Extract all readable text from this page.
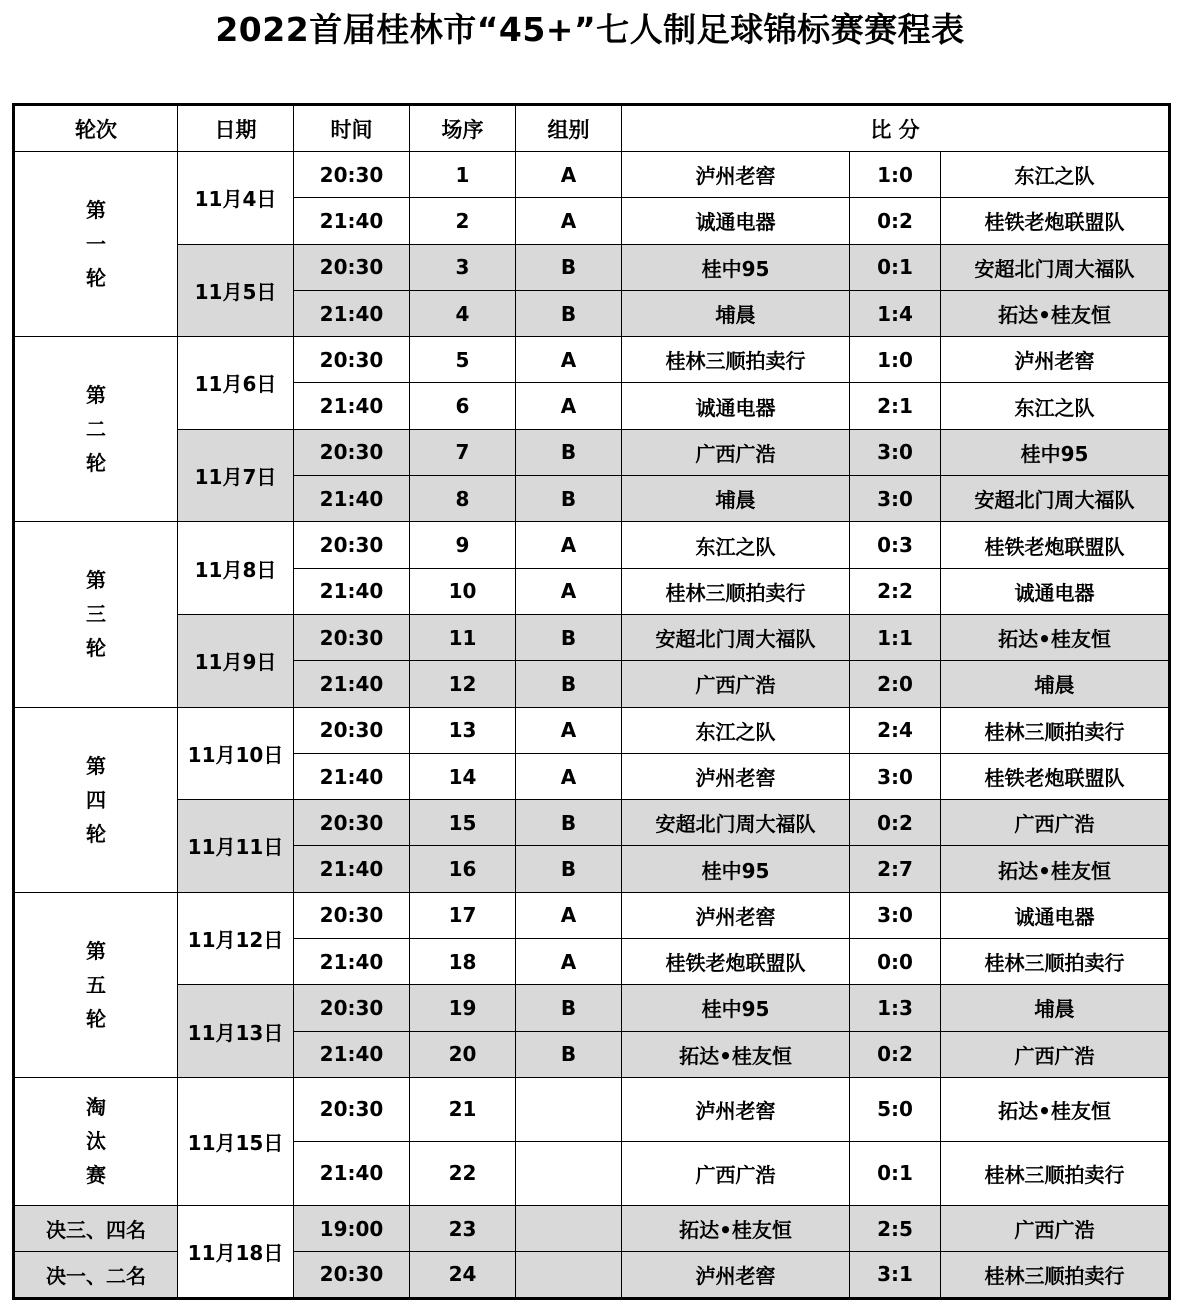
2022首届桂林市“45+”七人制足球锦标赛赛程表
轮次	日期	时间	场序	组别	比 分		

第
一
轮	11月4日	20:30	1	A	泸州老窖	1:0	东江之队
		21:40	2	A	诚通电器	0:2	桂铁老炮联盟队
	11月5日	20:30	3	B	桂中95	0:1	安超北门周大福队
		21:40	4	B	埔晨	1:4	拓达•桂友恒

第
二
轮	11月6日	20:30	5	A	桂林三顺拍卖行	1:0	泸州老窖
		21:40	6	A	诚通电器	2:1	东江之队
	11月7日	20:30	7	B	广西广浩	3:0	桂中95
		21:40	8	B	埔晨	3:0	安超北门周大福队

第
三
轮	11月8日	20:30	9	A	东江之队	0:3	桂铁老炮联盟队
		21:40	10	A	桂林三顺拍卖行	2:2	诚通电器
	11月9日	20:30	11	B	安超北门周大福队	1:1	拓达•桂友恒
		21:40	12	B	广西广浩	2:0	埔晨

第
四
轮	11月10日	20:30	13	A	东江之队	2:4	桂林三顺拍卖行
		21:40	14	A	泸州老窖	3:0	桂铁老炮联盟队
	11月11日	20:30	15	B	安超北门周大福队	0:2	广西广浩
		21:40	16	B	桂中95	2:7	拓达•桂友恒

第
五
轮	11月12日	20:30	17	A	泸州老窖	3:0	诚通电器
		21:40	18	A	桂铁老炮联盟队	0:0	桂林三顺拍卖行
	11月13日	20:30	19	B	桂中95	1:3	埔晨
		21:40	20	B	拓达•桂友恒	0:2	广西广浩

淘
汰
赛	11月15日	20:30	21		泸州老窖	5:0	拓达•桂友恒
		21:40	22		广西广浩	0:1	桂林三顺拍卖行
决三、四名	11月18日	19:00	23		拓达•桂友恒	2:5	广西广浩
决一、二名		20:30	24		泸州老窖	3:1	桂林三顺拍卖行
